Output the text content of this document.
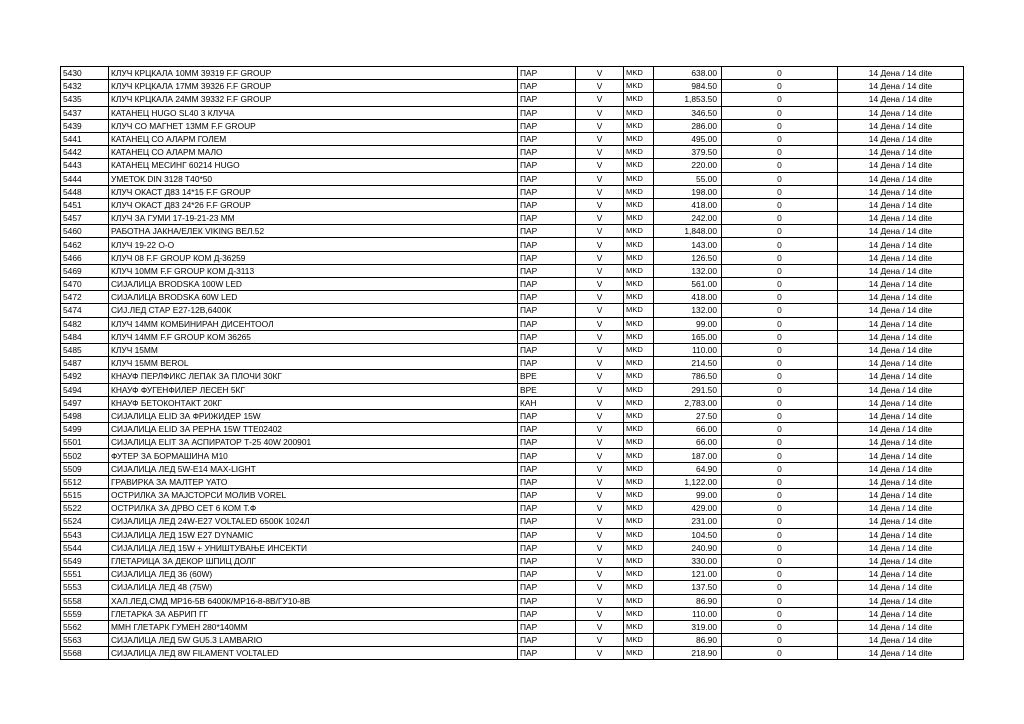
5430	КЛУЧ КРЦКАЛА 10ММ 39319 F.F GROUP	ПАР	V	MKD	638.00	0	14 Дена / 14 dite
5432	КЛУЧ КРЦКАЛА 17ММ 39326 F.F GROUP	ПАР	V	MKD	984.50	0	14 Дена / 14 dite
5435	КЛУЧ КРЦКАЛА 24ММ 39332 F.F GROUP	ПАР	V	MKD	1,853.50	0	14 Дена / 14 dite
5437	КАТАНЕЦ HUGO SL40 3 КЛУЧА	ПАР	V	MKD	346.50	0	14 Дена / 14 dite
5439	КЛУЧ СО МАГНЕТ 13ММ F.F GROUP	ПАР	V	MKD	286.00	0	14 Дена / 14 dite
5441	КАТАНЕЦ СО АЛАРМ ГОЛЕМ	ПАР	V	MKD	495.00	0	14 Дена / 14 dite
5442	КАТАНЕЦ СО АЛАРМ МАЛО	ПАР	V	MKD	379.50	0	14 Дена / 14 dite
5443	КАТАНЕЦ МЕСИНГ 60214 HUGO	ПАР	V	MKD	220.00	0	14 Дена / 14 dite
5444	УМЕТОК DIN 3128 Т40*50	ПАР	V	MKD	55.00	0	14 Дена / 14 dite
5448	КЛУЧ ОКАСТ Д83 14*15 F.F GROUP	ПАР	V	MKD	198.00	0	14 Дена / 14 dite
5451	КЛУЧ ОКАСТ Д83 24*26 F.F GROUP	ПАР	V	MKD	418.00	0	14 Дена / 14 dite
5457	КЛУЧ ЗА ГУМИ 17-19-21-23 ММ	ПАР	V	MKD	242.00	0	14 Дена / 14 dite
5460	РАБОТНА ЈАКНА/ЕЛЕК VIKING ВЕЛ.52	ПАР	V	MKD	1,848.00	0	14 Дена / 14 dite
5462	КЛУЧ 19-22 О-О	ПАР	V	MKD	143.00	0	14 Дена / 14 dite
5466	КЛУЧ 08 F.F GROUP КОМ Д-36259	ПАР	V	MKD	126.50	0	14 Дена / 14 dite
5469	КЛУЧ 10ММ F.F GROUP КОМ Д-3113	ПАР	V	MKD	132.00	0	14 Дена / 14 dite
5470	СИЈАЛИЦА BRODSKA 100W LED	ПАР	V	MKD	561.00	0	14 Дена / 14 dite
5472	СИЈАЛИЦА BRODSKA 60W LED	ПАР	V	MKD	418.00	0	14 Дена / 14 dite
5474	СИЈ.ЛЕД СТАР E27-12В,6400К	ПАР	V	MKD	132.00	0	14 Дена / 14 dite
5482	КЛУЧ 14ММ КОМБИНИРАН ДИСЕНТООЛ	ПАР	V	MKD	99.00	0	14 Дена / 14 dite
5484	КЛУЧ 14ММ F.F GROUP КОМ 36265	ПАР	V	MKD	165.00	0	14 Дена / 14 dite
5485	КЛУЧ 15ММ	ПАР	V	MKD	110.00	0	14 Дена / 14 dite
5487	КЛУЧ 15ММ BEROL	ПАР	V	MKD	214.50	0	14 Дена / 14 dite
5492	КНАУФ ПЕРЛФИКС ЛЕПАК ЗА ПЛОЧИ 30КГ	ВРЕ	V	MKD	786.50	0	14 Дена / 14 dite
5494	КНАУФ ФУГЕНФИЛЕР ЛЕСЕН 5КГ	ВРЕ	V	MKD	291.50	0	14 Дена / 14 dite
5497	КНАУФ БЕТОКОНТАКТ 20КГ	КАН	V	MKD	2,783.00	0	14 Дена / 14 dite
5498	СИЈАЛИЦА ELID ЗА ФРИЖИДЕР 15W	ПАР	V	MKD	27.50	0	14 Дена / 14 dite
5499	СИЈАЛИЦА ELID ЗА РЕРНА 15W ТТЕ02402	ПАР	V	MKD	66.00	0	14 Дена / 14 dite
5501	СИЈАЛИЦА ELIT ЗА АСПИРАТОР Т-25 40W 200901	ПАР	V	MKD	66.00	0	14 Дена / 14 dite
5502	ФУТЕР ЗА БОРМАШИНА М10	ПАР	V	MKD	187.00	0	14 Дена / 14 dite
5509	СИЈАЛИЦА ЛЕД 5W-E14 MAX-LIGHT	ПАР	V	MKD	64.90	0	14 Дена / 14 dite
5512	ГРАВИРКА ЗА МАЛТЕР YATO	ПАР	V	MKD	1,122.00	0	14 Дена / 14 dite
5515	ОСТРИЛКА ЗА МАЈСТОРСИ МОЛИВ VOREL	ПАР	V	MKD	99.00	0	14 Дена / 14 dite
5522	ОСТРИЛКА ЗА ДРВО СЕТ 6 КОМ Т.Ф	ПАР	V	MKD	429.00	0	14 Дена / 14 dite
5524	СИЈАЛИЦА ЛЕД 24W-E27 VOLTALED 6500К 1024Л	ПАР	V	MKD	231.00	0	14 Дена / 14 dite
5543	СИЈАЛИЦА ЛЕД 15W E27 DYNAMIC	ПАР	V	MKD	104.50	0	14 Дена / 14 dite
5544	СИЈАЛИЦА ЛЕД 15W + УНИШТУВАЊЕ ИНСЕКТИ	ПАР	V	MKD	240.90	0	14 Дена / 14 dite
5549	ГЛЕТАРИЦА ЗА ДЕКОР ШПИЦ ДОЛГ	ПАР	V	MKD	330.00	0	14 Дена / 14 dite
5551	СИЈАЛИЦА ЛЕД 36 (60W)	ПАР	V	MKD	121.00	0	14 Дена / 14 dite
5553	СИЈАЛИЦА ЛЕД 48 (75W)	ПАР	V	MKD	137.50	0	14 Дена / 14 dite
5558	ХАЛ.ЛЕД.СМД МР16-5В 6400К/МР16-8-8В/ГУ10-8В	ПАР	V	MKD	86.90	0	14 Дена / 14 dite
5559	ГЛЕТАРКА ЗА АБРИП ГГ	ПАР	V	MKD	110.00	0	14 Дена / 14 dite
5562	ММН ГЛЕТАРК ГУМЕН 280*140ММ	ПАР	V	MKD	319.00	0	14 Дена / 14 dite
5563	СИЈАЛИЦА ЛЕД 5W GU5.3 LAMBARIO	ПАР	V	MKD	86.90	0	14 Дена / 14 dite
5568	СИЈАЛИЦА ЛЕД 8W FILAMENT VOLTALED	ПАР	V	MKD	218.90	0	14 Дена / 14 dite
